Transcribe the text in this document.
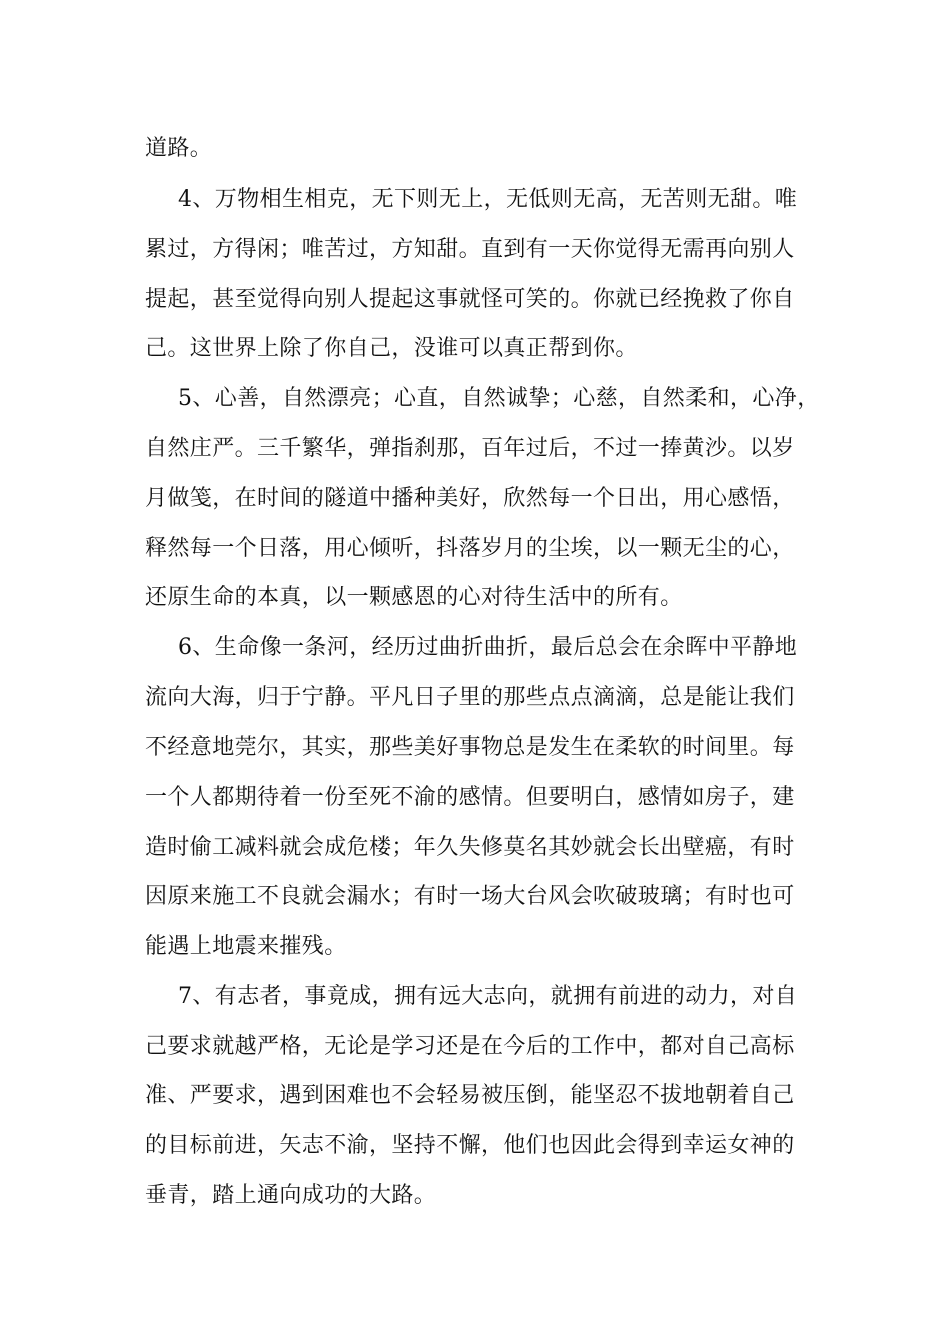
道路。
4、万物相生相克，无下则无上，无低则无高，无苦则无甜。唯
累过，方得闲；唯苦过，方知甜。直到有一天你觉得无需再向别人
提起，甚至觉得向别人提起这事就怪可笑的。你就已经挽救了你自
己。这世界上除了你自己，没谁可以真正帮到你。
5、心善，自然漂亮；心直，自然诚挚；心慈，自然柔和，心净，
自然庄严。三千繁华，弹指刹那，百年过后，不过一捧黄沙。以岁
月做笺，在时间的隧道中播种美好，欣然每一个日出，用心感悟，
释然每一个日落，用心倾听，抖落岁月的尘埃，以一颗无尘的心，
还原生命的本真，以一颗感恩的心对待生活中的所有。
6、生命像一条河，经历过曲折曲折，最后总会在余晖中平静地
流向大海，归于宁静。平凡日子里的那些点点滴滴，总是能让我们
不经意地莞尔，其实，那些美好事物总是发生在柔软的时间里。每
一个人都期待着一份至死不渝的感情。但要明白，感情如房子，建
造时偷工减料就会成危楼；年久失修莫名其妙就会长出壁癌，有时
因原来施工不良就会漏水；有时一场大台风会吹破玻璃；有时也可
能遇上地震来摧残。
7、有志者，事竟成，拥有远大志向，就拥有前进的动力，对自
己要求就越严格，无论是学习还是在今后的工作中，都对自己高标
准、严要求，遇到困难也不会轻易被压倒，能坚忍不拔地朝着自己
的目标前进，矢志不渝，坚持不懈，他们也因此会得到幸运女神的
垂青，踏上通向成功的大路。
